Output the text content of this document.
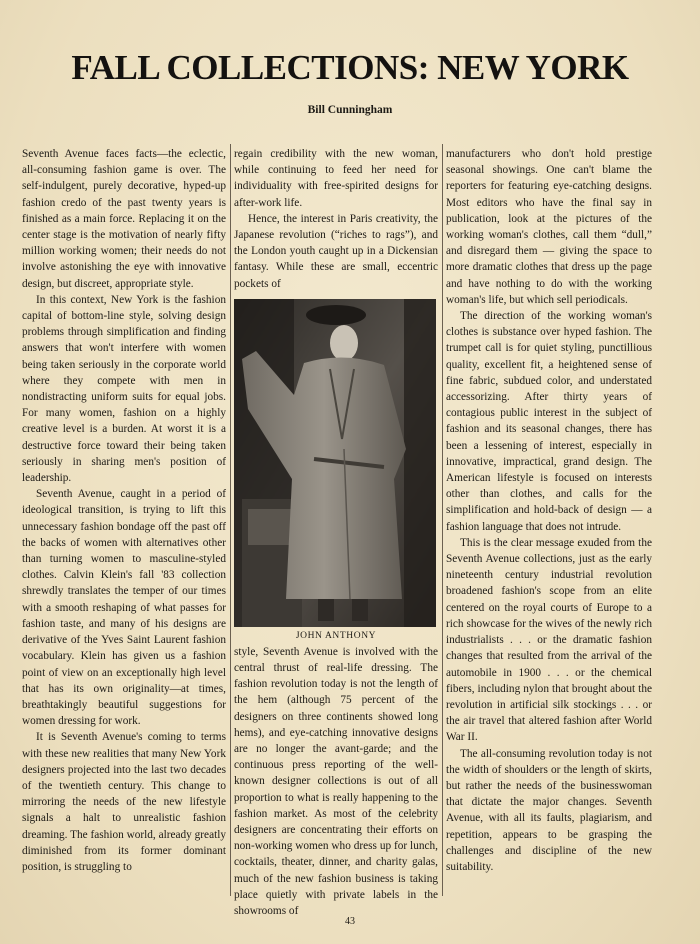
FALL COLLECTIONS: NEW YORK
Bill Cunningham

Seventh Avenue faces facts—the eclectic, all-consuming fashion game is over. The self-indulgent, purely decorative, hyped-up fashion credo of the past twenty years is finished as a main force. Replacing it on the center stage is the motivation of nearly fifty million working women; their needs do not involve astonishing the eye with innovative design, but discreet, appropriate style.

In this context, New York is the fashion capital of bottom-line style, solving design problems through simplification and finding answers that won't interfere with women being taken seriously in the corporate world where they compete with men in nondistracting uniform suits for equal jobs. For many women, fashion on a highly creative level is a burden. At worst it is a destructive force toward their being taken seriously in sharing men's position of leadership.

Seventh Avenue, caught in a period of ideological transition, is trying to lift this unnecessary fashion bondage off the past off the backs of women with alternatives other than turning women to masculine-styled clothes. Calvin Klein's fall '83 collection shrewdly translates the temper of our times with a smooth reshaping of what passes for fashion taste, and many of his designs are derivative of the Yves Saint Laurent fashion vocabulary. Klein has given us a fashion point of view on an exceptionally high level that has its own originality—at times, breathtakingly beautiful suggestions for women dressing for work.

It is Seventh Avenue's coming to terms with these new realities that many New York designers projected into the last two decades of the twentieth century. This change to mirroring the needs of the new lifestyle signals a halt to unrealistic fashion dreaming. The fashion world, already greatly diminished from its former dominant position, is struggling to

regain credibility with the new woman, while continuing to feed her need for individuality with free-spirited designs for after-work life.

Hence, the interest in Paris creativity, the Japanese revolution (“riches to rags”), and the London youth caught up in a Dickensian fantasy. While these are small, eccentric pockets of

JOHN ANTHONY

style, Seventh Avenue is involved with the central thrust of real-life dressing. The fashion revolution today is not the length of the hem (although 75 percent of the designers on three continents showed long hems), and eye-catching innovative designs are no longer the avant-garde; and the continuous press reporting of the well-known designer collections is out of all proportion to what is really happening to the fashion market. As most of the celebrity designers are concentrating their efforts on non-working women who dress up for lunch, cocktails, theater, dinner, and charity galas, much of the new fashion business is taking place quietly with private labels in the showrooms of

manufacturers who don't hold prestige seasonal showings. One can't blame the reporters for featuring eye-catching designs. Most editors who have the final say in publication, look at the pictures of the working woman's clothes, call them “dull,” and disregard them — giving the space to more dramatic clothes that dress up the page and have nothing to do with the working woman's life, but which sell periodicals.

The direction of the working woman's clothes is substance over hyped fashion. The trumpet call is for quiet styling, punctillious quality, excellent fit, a heightened sense of fine fabric, subdued color, and understated accessorizing. After thirty years of contagious public interest in the subject of fashion and its seasonal changes, there has been a lessening of interest, especially in innovative, impractical, grand design. The American lifestyle is focused on interests other than clothes, and calls for the simplification and hold-back of design — a fashion language that does not intrude.

This is the clear message exuded from the Seventh Avenue collections, just as the early nineteenth century industrial revolution broadened fashion's scope from an elite centered on the royal courts of Europe to a rich showcase for the wives of the newly rich industrialists . . . or the dramatic fashion changes that resulted from the arrival of the automobile in 1900 . . . or the chemical fibers, including nylon that brought about the revolution in artificial silk stockings . . . or the air travel that altered fashion after World War II.

The all-consuming revolution today is not the width of shoulders or the length of skirts, but rather the needs of the businesswoman that dictate the major changes. Seventh Avenue, with all its faults, plagiarism, and repetition, appears to be grasping the challenges and discipline of the new suitability.

43
